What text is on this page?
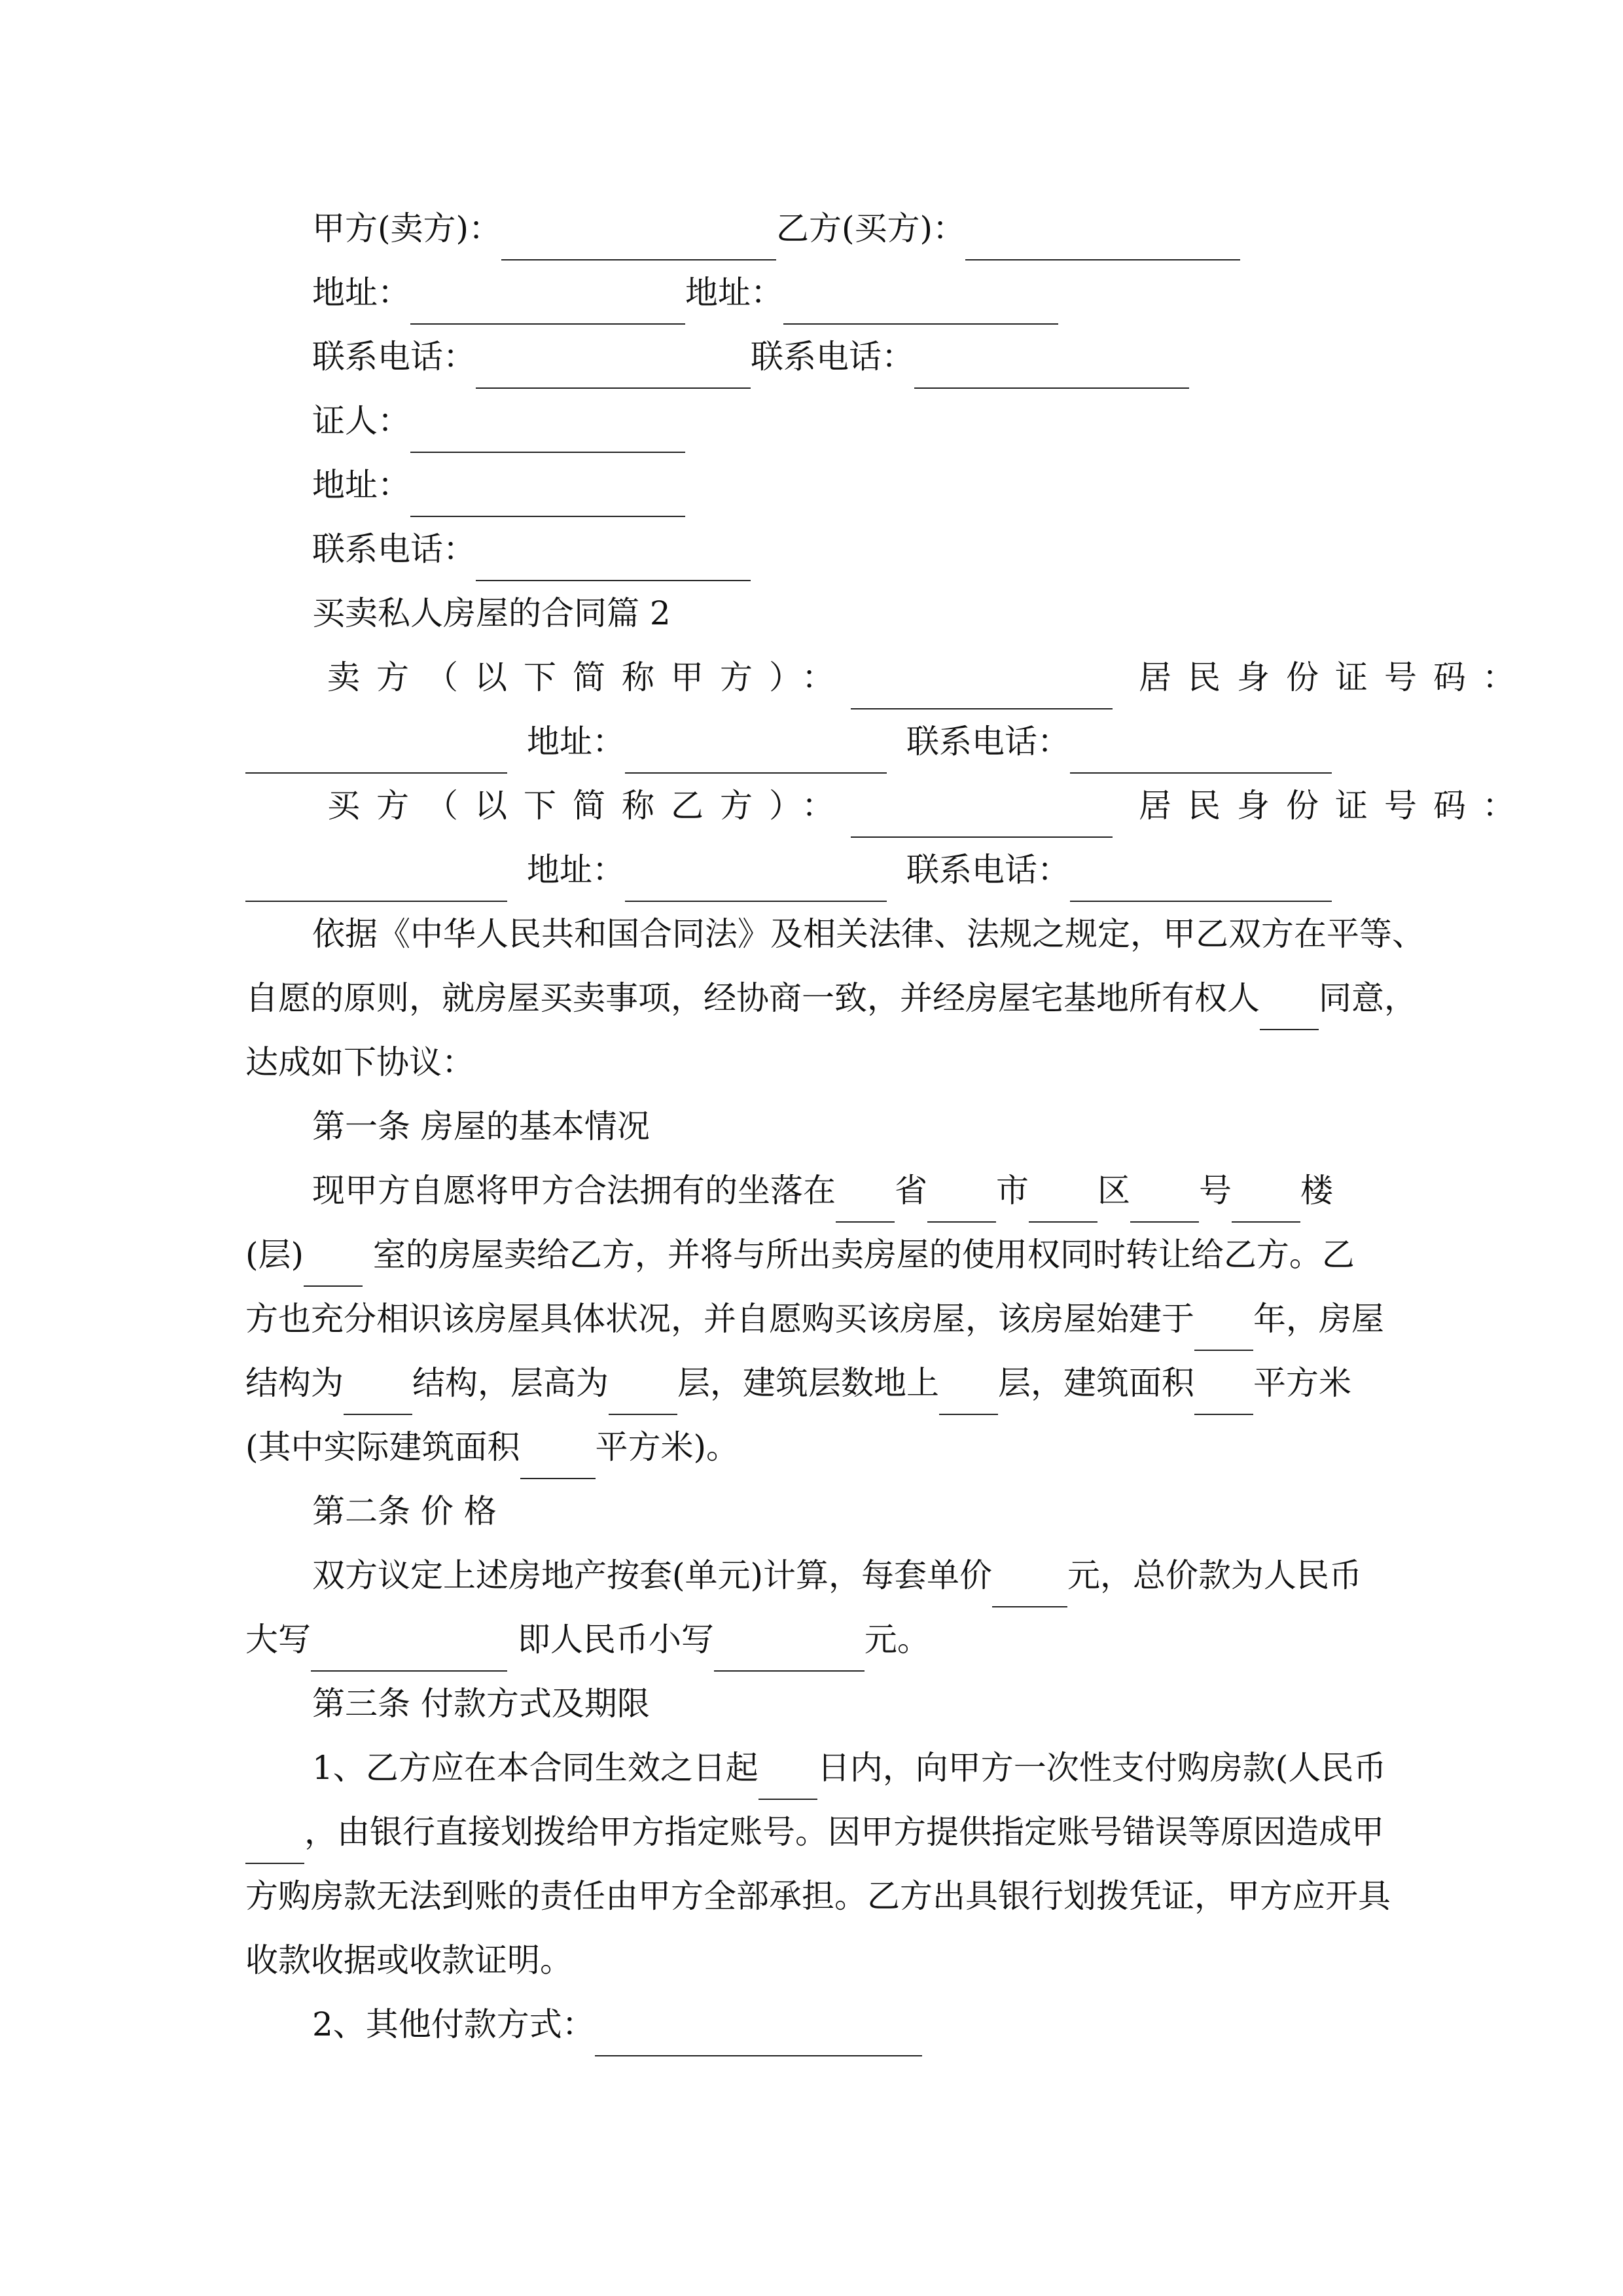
甲方(卖方)：	乙方(买方)：
地址：	地址：
联系电话：	联系电话：
证人：
地址：
联系电话：
买卖私人房屋的合同篇 2
卖方（以下简称甲方）：	居民身份证号码：
地址：	联系电话：
买方（以下简称乙方）：	居民身份证号码：
地址：	联系电话：
依据《中华人民共和国合同法》及相关法律、法规之规定，甲乙双方在平等、
自愿的原则，就房屋买卖事项，经协商一致，并经房屋宅基地所有权人 同意，
达成如下协议：
第一条 房屋的基本情况
现甲方自愿将甲方合法拥有的坐落在 省 市 区 号 楼
(层) 室的房屋卖给乙方，并将与所出卖房屋的使用权同时转让给乙方。乙
方也充分相识该房屋具体状况，并自愿购买该房屋，该房屋始建于 年，房屋
结构为 结构，层高为 层，建筑层数地上 层，建筑面积 平方米
(其中实际建筑面积 平方米)。
第二条 价 格
双方议定上述房地产按套(单元)计算，每套单价 元，总价款为人民币
大写	即人民币小写	元。
第三条 付款方式及期限
1、乙方应在本合同生效之日起 日内，向甲方一次性支付购房款(人民币
，由银行直接划拨给甲方指定账号。因甲方提供指定账号错误等原因造成甲
方购房款无法到账的责任由甲方全部承担。乙方出具银行划拨凭证，甲方应开具
收款收据或收款证明。
2、其他付款方式：
